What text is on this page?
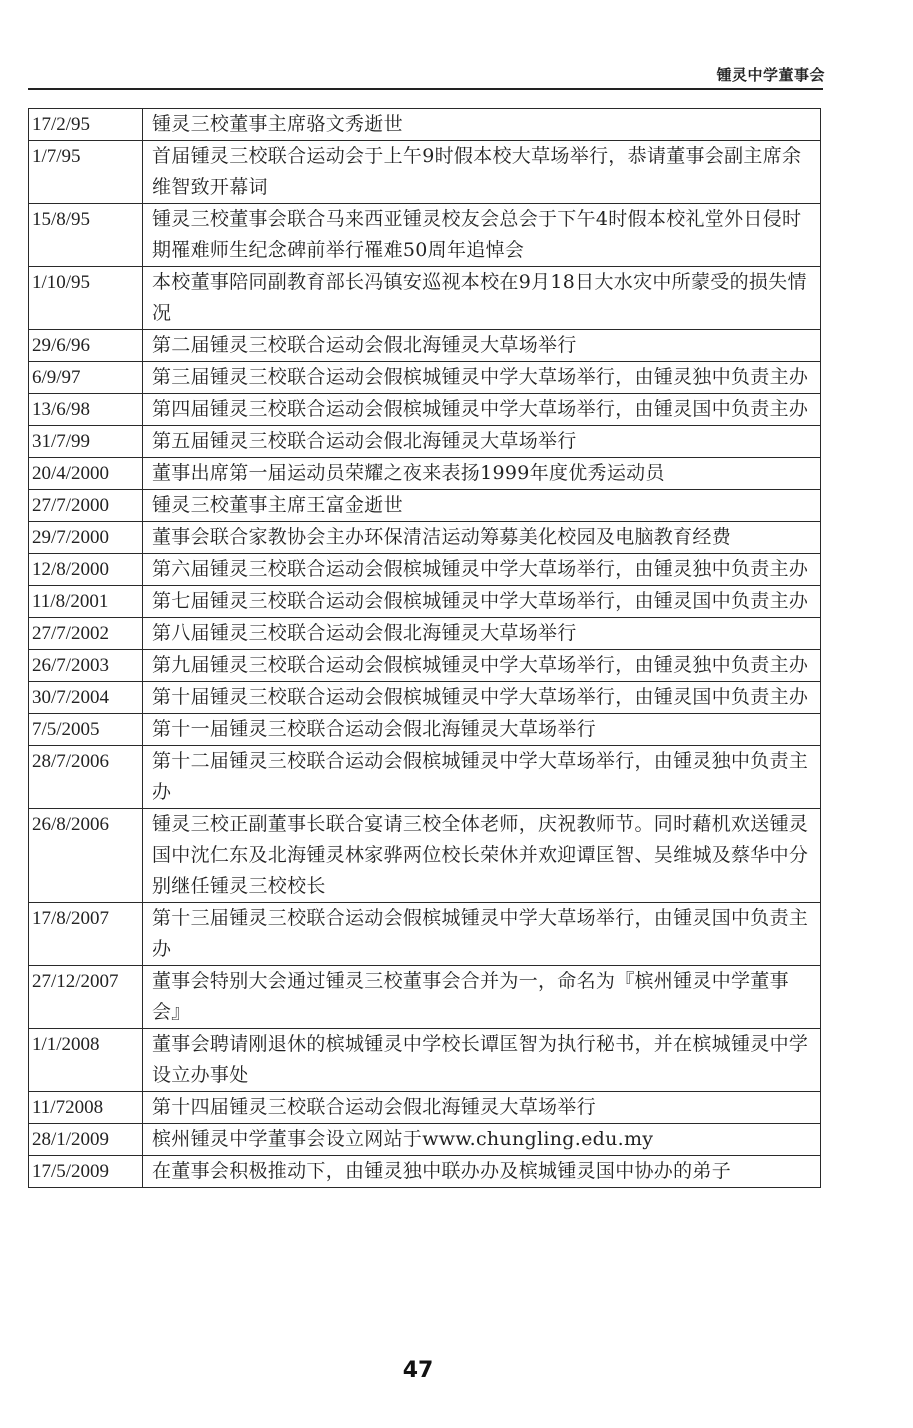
锺灵中学董事会
17/2/95	锺灵三校董事主席骆文秀逝世
1/7/95	首届锺灵三校联合运动会于上午9时假本校大草场举行，恭请董事会副主席余维智致开幕词
15/8/95	锺灵三校董事会联合马来西亚锺灵校友会总会于下午4时假本校礼堂外日侵时期罹难师生纪念碑前举行罹难50周年追悼会
1/10/95	本校董事陪同副教育部长冯镇安巡视本校在9月18日大水灾中所蒙受的损失情况
29/6/96	第二届锺灵三校联合运动会假北海锺灵大草场举行
6/9/97	第三届锺灵三校联合运动会假槟城锺灵中学大草场举行，由锺灵独中负责主办
13/6/98	第四届锺灵三校联合运动会假槟城锺灵中学大草场举行，由锺灵国中负责主办
31/7/99	第五届锺灵三校联合运动会假北海锺灵大草场举行
20/4/2000	董事出席第一届运动员荣耀之夜来表扬1999年度优秀运动员
27/7/2000	锺灵三校董事主席王富金逝世
29/7/2000	董事会联合家教协会主办环保清洁运动筹募美化校园及电脑教育经费
12/8/2000	第六届锺灵三校联合运动会假槟城锺灵中学大草场举行，由锺灵独中负责主办
11/8/2001	第七届锺灵三校联合运动会假槟城锺灵中学大草场举行，由锺灵国中负责主办
27/7/2002	第八届锺灵三校联合运动会假北海锺灵大草场举行
26/7/2003	第九届锺灵三校联合运动会假槟城锺灵中学大草场举行，由锺灵独中负责主办
30/7/2004	第十届锺灵三校联合运动会假槟城锺灵中学大草场举行，由锺灵国中负责主办
7/5/2005	第十一届锺灵三校联合运动会假北海锺灵大草场举行
28/7/2006	第十二届锺灵三校联合运动会假槟城锺灵中学大草场举行，由锺灵独中负责主办
26/8/2006	锺灵三校正副董事长联合宴请三校全体老师，庆祝教师节。同时藉机欢送锺灵国中沈仁东及北海锺灵林家骅两位校长荣休并欢迎谭匡智、吴维城及蔡华中分别继任锺灵三校校长
17/8/2007	第十三届锺灵三校联合运动会假槟城锺灵中学大草场举行，由锺灵国中负责主办
27/12/2007	董事会特别大会通过锺灵三校董事会合并为一，命名为『槟州锺灵中学董事会』
1/1/2008	董事会聘请刚退休的槟城锺灵中学校长谭匡智为执行秘书，并在槟城锺灵中学设立办事处
11/72008	第十四届锺灵三校联合运动会假北海锺灵大草场举行
28/1/2009	槟州锺灵中学董事会设立网站于www.chungling.edu.my
17/5/2009	在董事会积极推动下，由锺灵独中联办办及槟城锺灵国中协办的弟子
47
